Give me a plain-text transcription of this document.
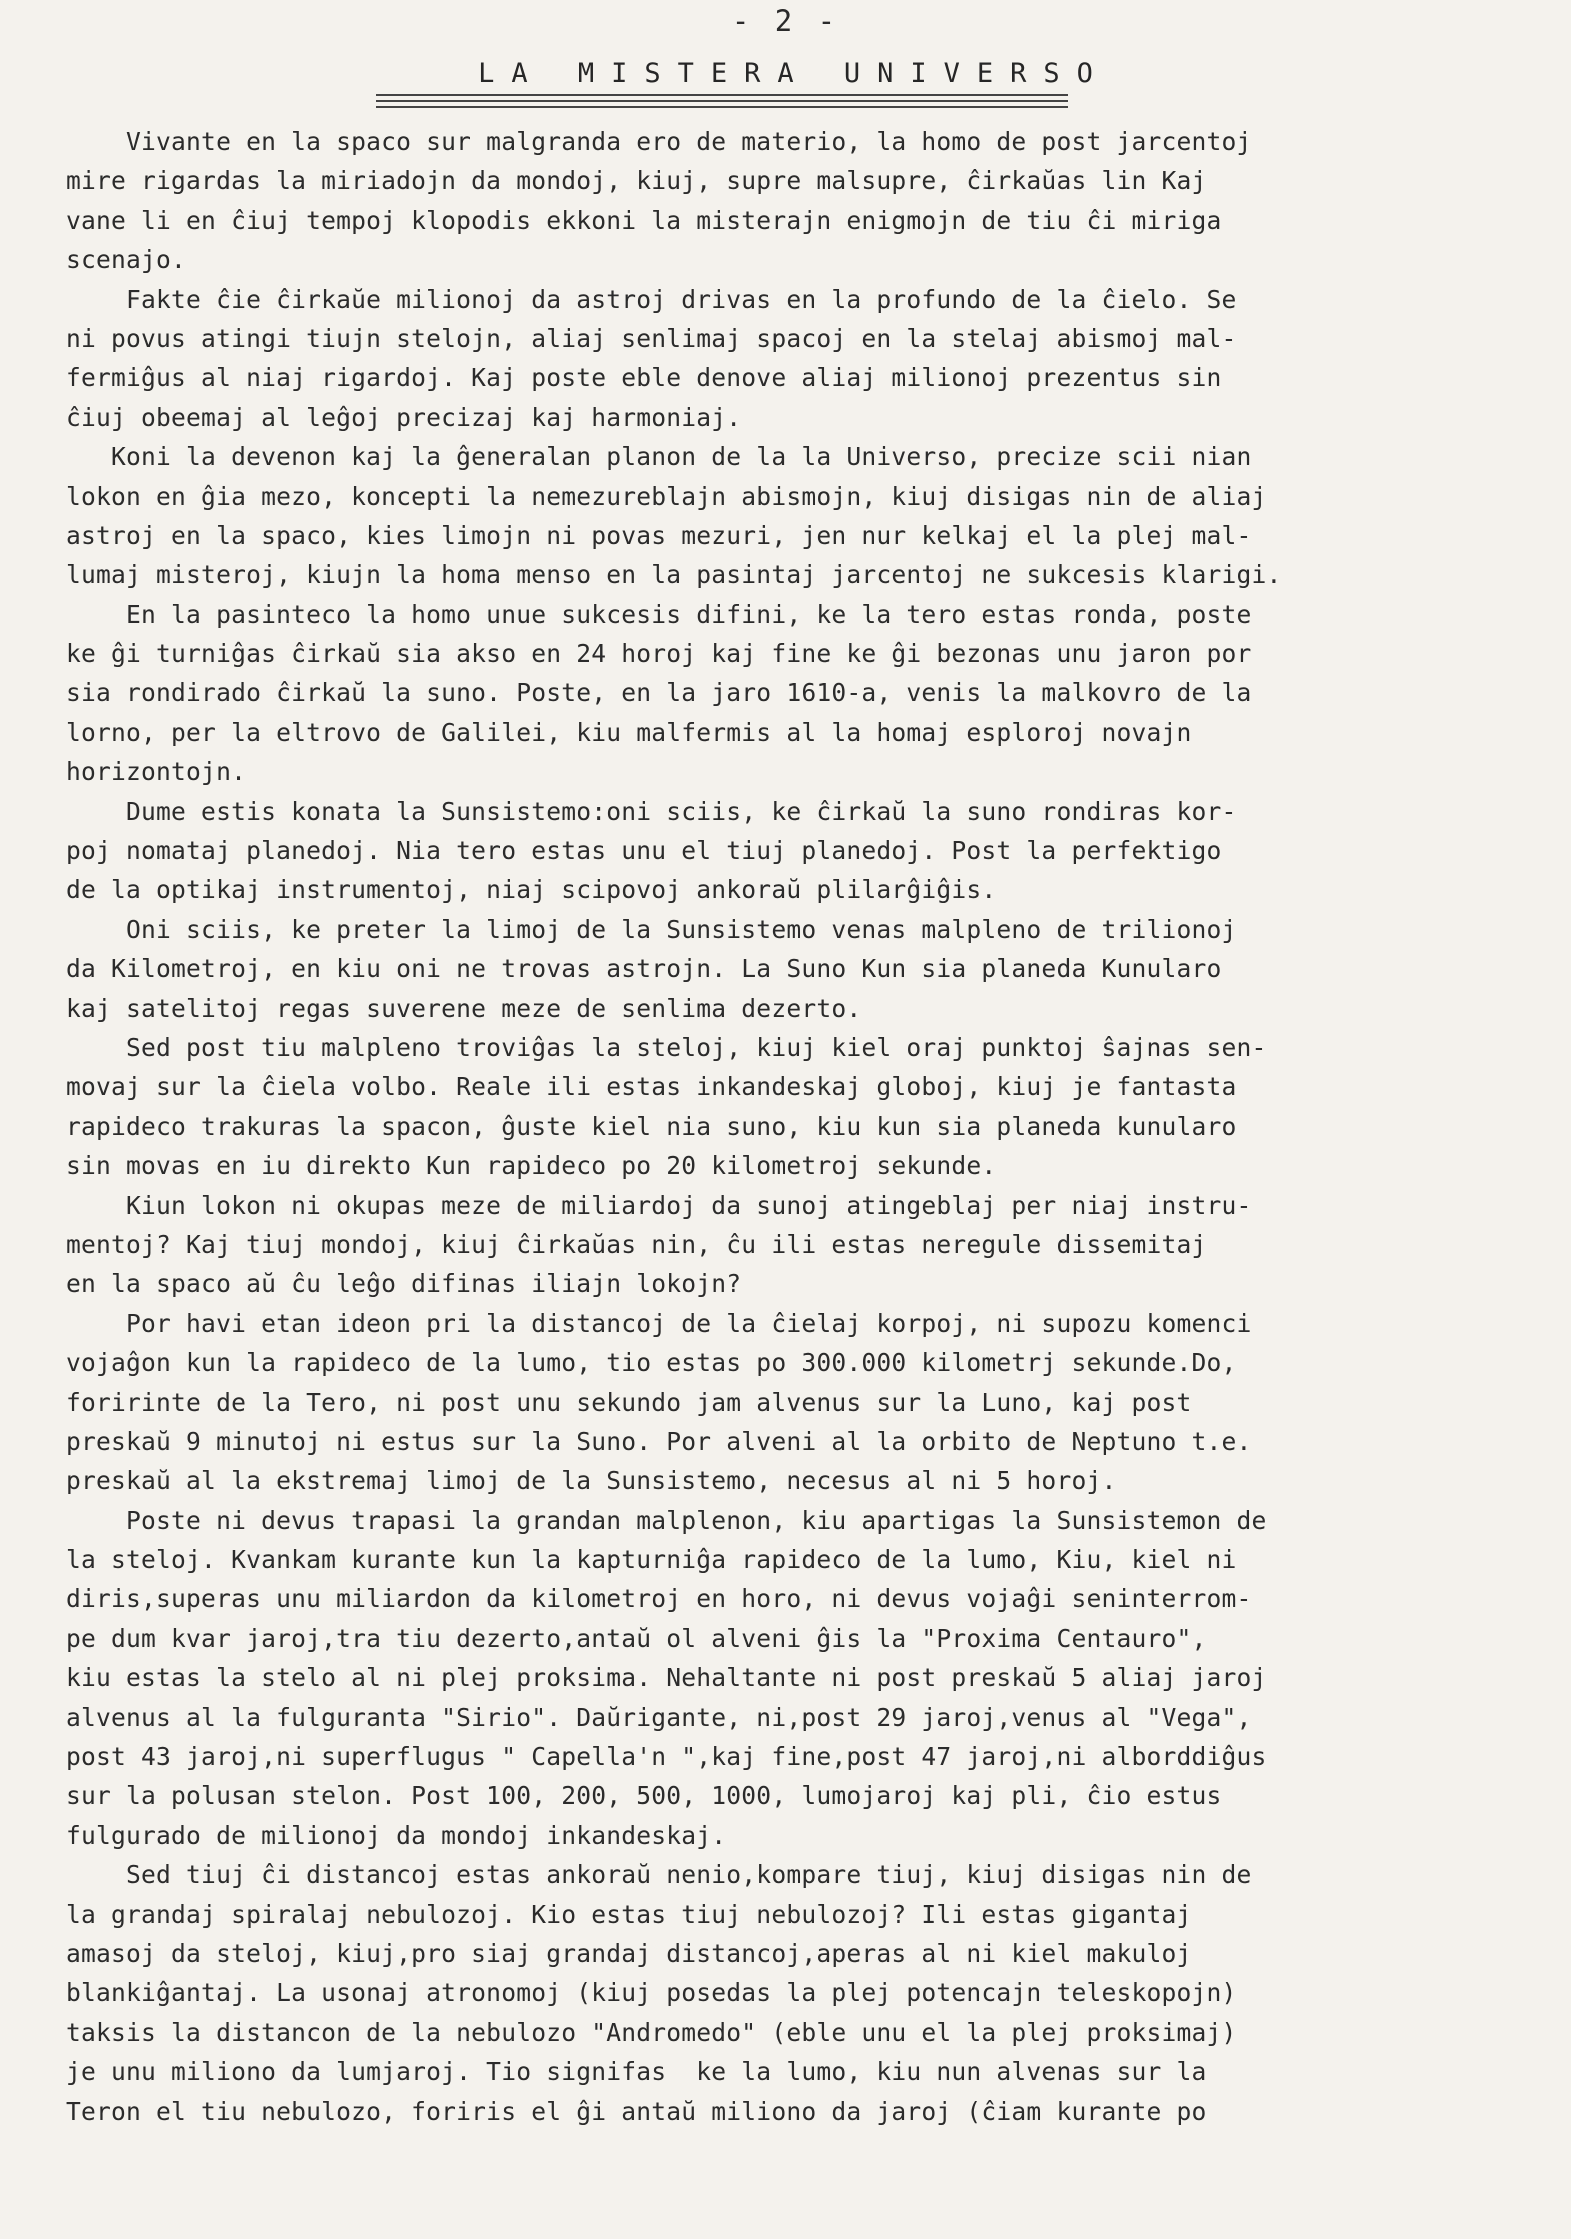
- 2 -
LA MISTERA UNIVERSO
Vivante en la spaco sur malgranda ero de materio, la homo de post jarcentoj
mire rigardas la miriadojn da mondoj, kiuj, supre malsupre, ĉirkaŭas lin Kaj
vane li en ĉiuj tempoj klopodis ekkoni la misterajn enigmojn de tiu ĉi miriga
scenajo.
Fakte ĉie ĉirkaŭe milionoj da astroj drivas en la profundo de la ĉielo. Se
ni povus atingi tiujn stelojn, aliaj senlimaj spacoj en la stelaj abismoj mal-
fermiĝus al niaj rigardoj. Kaj poste eble denove aliaj milionoj prezentus sin
ĉiuj obeemaj al leĝoj precizaj kaj harmoniaj.
Koni la devenon kaj la ĝeneralan planon de la la Universo, precize scii nian
lokon en ĝia mezo, koncepti la nemezureblajn abismojn, kiuj disigas nin de aliaj
astroj en la spaco, kies limojn ni povas mezuri, jen nur kelkaj el la plej mal-
lumaj misteroj, kiujn la homa menso en la pasintaj jarcentoj ne sukcesis klarigi.
En la pasinteco la homo unue sukcesis difini, ke la tero estas ronda, poste
ke ĝi turniĝas ĉirkaŭ sia akso en 24 horoj kaj fine ke ĝi bezonas unu jaron por
sia rondirado ĉirkaŭ la suno. Poste, en la jaro 1610-a, venis la malkovro de la
lorno, per la eltrovo de Galilei, kiu malfermis al la homaj esploroj novajn
horizontojn.
Dume estis konata la Sunsistemo:oni sciis, ke ĉirkaŭ la suno rondiras kor-
poj nomataj planedoj. Nia tero estas unu el tiuj planedoj. Post la perfektigo
de la optikaj instrumentoj, niaj scipovoj ankoraŭ plilarĝiĝis.
Oni sciis, ke preter la limoj de la Sunsistemo venas malpleno de trilionoj
da Kilometroj, en kiu oni ne trovas astrojn. La Suno Kun sia planeda Kunularo
kaj satelitoj regas suverene meze de senlima dezerto.
Sed post tiu malpleno troviĝas la steloj, kiuj kiel oraj punktoj ŝajnas sen-
movaj sur la ĉiela volbo. Reale ili estas inkandeskaj globoj, kiuj je fantasta
rapideco trakuras la spacon, ĝuste kiel nia suno, kiu kun sia planeda kunularo
sin movas en iu direkto Kun rapideco po 20 kilometroj sekunde.
Kiun lokon ni okupas meze de miliardoj da sunoj atingeblaj per niaj instru-
mentoj? Kaj tiuj mondoj, kiuj ĉirkaŭas nin, ĉu ili estas neregule dissemitaj
en la spaco aŭ ĉu leĝo difinas iliajn lokojn?
Por havi etan ideon pri la distancoj de la ĉielaj korpoj, ni supozu komenci
vojaĝon kun la rapideco de la lumo, tio estas po 300.000 kilometrj sekunde.Do,
foririnte de la Tero, ni post unu sekundo jam alvenus sur la Luno, kaj post
preskaŭ 9 minutoj ni estus sur la Suno. Por alveni al la orbito de Neptuno t.e.
preskaŭ al la ekstremaj limoj de la Sunsistemo, necesus al ni 5 horoj.
Poste ni devus trapasi la grandan malplenon, kiu apartigas la Sunsistemon de
la steloj. Kvankam kurante kun la kapturniĝa rapideco de la lumo, Kiu, kiel ni
diris,superas unu miliardon da kilometroj en horo, ni devus vojaĝi seninterrom-
pe dum kvar jaroj,tra tiu dezerto,antaŭ ol alveni ĝis la "Proxima Centauro",
kiu estas la stelo al ni plej proksima. Nehaltante ni post preskaŭ 5 aliaj jaroj
alvenus al la fulguranta "Sirio". Daŭrigante, ni,post 29 jaroj,venus al "Vega",
post 43 jaroj,ni superflugus " Capella'n ",kaj fine,post 47 jaroj,ni alborddiĝus
sur la polusan stelon. Post 100, 200, 500, 1000, lumojaroj kaj pli, ĉio estus
fulgurado de milionoj da mondoj inkandeskaj.
Sed tiuj ĉi distancoj estas ankoraŭ nenio,kompare tiuj, kiuj disigas nin de
la grandaj spiralaj nebulozoj. Kio estas tiuj nebulozoj? Ili estas gigantaj
amasoj da steloj, kiuj,pro siaj grandaj distancoj,aperas al ni kiel makuloj
blankiĝantaj. La usonaj atronomoj (kiuj posedas la plej potencajn teleskopojn)
taksis la distancon de la nebulozo "Andromedo" (eble unu el la plej proksimaj)
je unu miliono da lumjaroj. Tio signifas  ke la lumo, kiu nun alvenas sur la
Teron el tiu nebulozo, foriris el ĝi antaŭ miliono da jaroj (ĉiam kurante po
